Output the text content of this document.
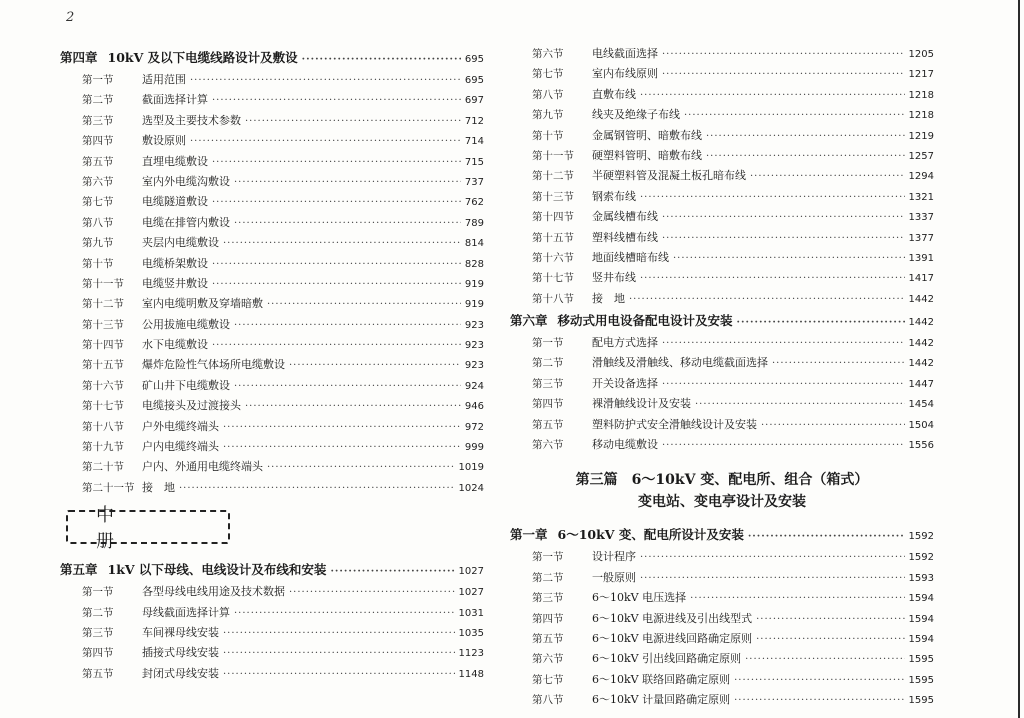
2
第四章 10kV 及以下电缆线路设计及敷设 ·····	695
第一节	适用范围 ·····	695
第二节	截面选择计算 ·····	697
第三节	选型及主要技术参数 ·····	712
第四节	敷设原则 ·····	714
第五节	直埋电缆敷设 ·····	715
第六节	室内外电缆沟敷设 ·····	737
第七节	电缆隧道敷设 ·····	762
第八节	电缆在排管内敷设 ·····	789
第九节	夹层内电缆敷设 ·····	814
第十节	电缆桥架敷设 ·····	828
第十一节	电缆竖井敷设 ·····	919
第十二节	室内电缆明敷及穿墙暗敷 ·····	919
第十三节	公用拔施电缆敷设 ·····	923
第十四节	水下电缆敷设 ·····	923
第十五节	爆炸危险性气体场所电缆敷设 ·····	923
第十六节	矿山井下电缆敷设 ·····	924
第十七节	电缆接头及过渡接头 ·····	946
第十八节	户外电缆终端头 ·····	972
第十九节	户内电缆终端头 ·····	999
第二十节	户内、外通用电缆终端头 ·····	1019
第二十一节 接　地 ·····	1024
中　册
第五章 1kV 以下母线、电线设计及布线和安装 ·····	1027
第一节	各型母线电线用途及技术数据 ·····	1027
第二节	母线截面选择计算 ·····	1031
第三节	车间裸母线安装 ·····	1035
第四节	插接式母线安装 ·····	1123
第五节	封闭式母线安装 ·····	1148
第六节	电线截面选择 ·····	1205
第七节	室内布线原则 ·····	1217
第八节	直敷布线 ·····	1218
第九节	线夹及绝缘子布线 ·····	1218
第十节	金属钢管明、暗敷布线 ·····	1219
第十一节	硬塑料管明、暗敷布线 ·····	1257
第十二节	半硬塑料管及混凝土板孔暗布线 ·····	1294
第十三节	钢索布线 ·····	1321
第十四节	金属线槽布线 ·····	1337
第十五节	塑料线槽布线 ·····	1377
第十六节	地面线槽暗布线 ·····	1391
第十七节	竖井布线 ·····	1417
第十八节	接　地 ·····	1442
第六章 移动式用电设备配电设计及安装 ·····	1442
第一节	配电方式选择 ·····	1442
第二节	滑触线及滑触线、移动电缆截面选择 ·····	1442
第三节	开关设备选择 ·····	1447
第四节	裸滑触线设计及安装 ·····	1454
第五节	塑料防护式安全滑触线设计及安装 ·····	1504
第六节	移动电缆敷设 ·····	1556
第三篇　6～10kV 变、配电所、组合（箱式）
变电站、变电亭设计及安装
第一章 6～10kV 变、配电所设计及安装 ·····	1592
第一节	设计程序 ·····	1592
第二节	一般原则 ·····	1593
第三节	6～10kV 电压选择 ·····	1594
第四节	6～10kV 电源进线及引出线型式 ·····	1594
第五节	6～10kV 电源进线回路确定原则 ·····	1594
第六节	6～10kV 引出线回路确定原则 ·····	1595
第七节	6～10kV 联络回路确定原则 ·····	1595
第八节	6～10kV 计量回路确定原则 ·····	1595
